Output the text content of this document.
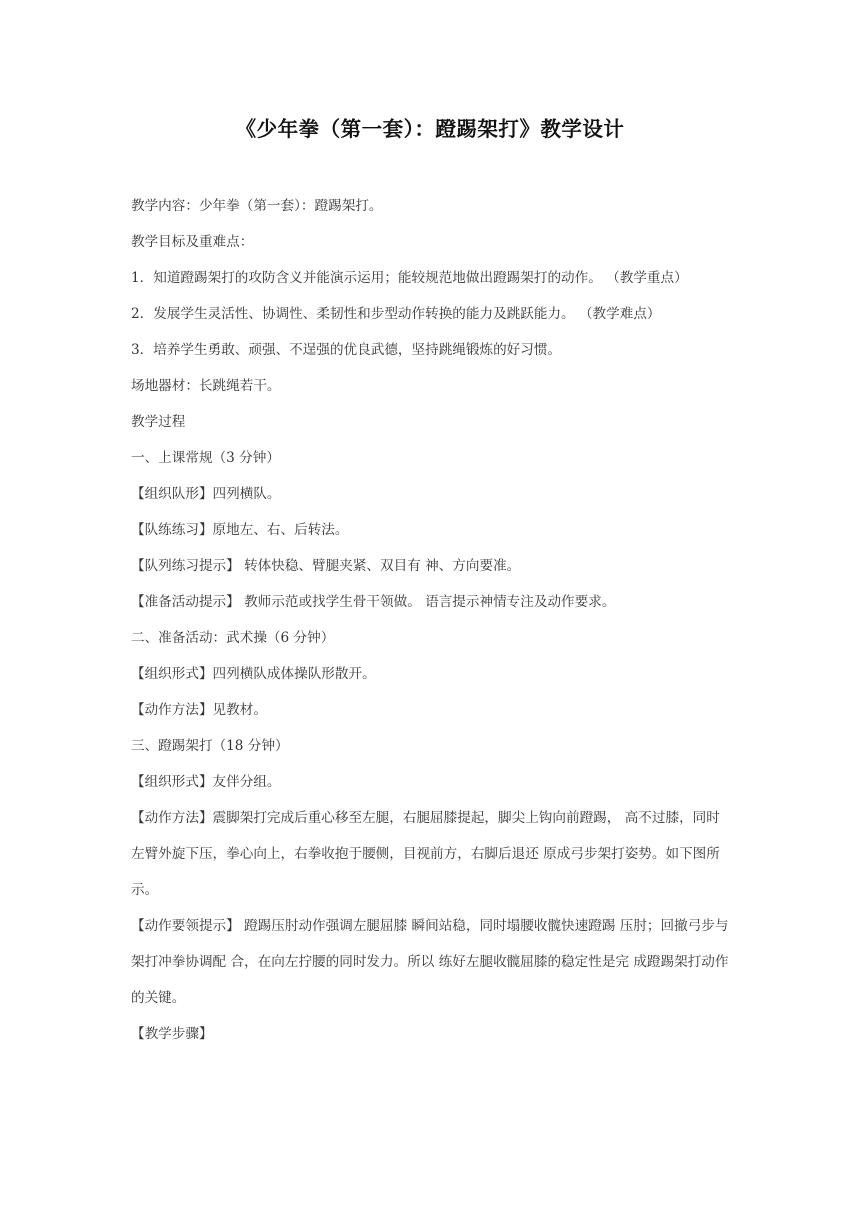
《少年拳（第一套）：蹬踢架打》教学设计

教学内容：少年拳（第一套）：蹬踢架打。

教学目标及重难点：

1．知道蹬踢架打的攻防含义并能演示运用；能较规范地做出蹬踢架打的动作。 （教学重点）

2．发展学生灵活性、协调性、柔韧性和步型动作转换的能力及跳跃能力。 （教学难点）

3．培养学生勇敢、顽强、不逞强的优良武德，坚持跳绳锻炼的好习惯。

场地器材：长跳绳若干。

教学过程

一、上课常规（3 分钟）

【组织队形】四列横队。

【队练练习】原地左、右、后转法。

【队列练习提示】 转体快稳、臂腿夹紧、双目有 神、方向要准。

【准备活动提示】 教师示范或找学生骨干领做。 语言提示神情专注及动作要求。

二、准备活动：武术操（6 分钟）

【组织形式】四列横队成体操队形散开。

【动作方法】见教材。

三、蹬踢架打（18 分钟）

【组织形式】友伴分组。

【动作方法】震脚架打完成后重心移至左腿，右腿屈膝提起，脚尖上钩向前蹬踢， 高不过膝，同时左臂外旋下压，拳心向上，右拳收抱于腰侧，目视前方，右脚后退还 原成弓步架打姿势。如下图所示。

【动作要领提示】 蹬踢压肘动作强调左腿屈膝 瞬间站稳，同时塌腰收髋快速蹬踢 压肘；回撤弓步与架打冲拳协调配 合，在向左拧腰的同时发力。所以 练好左腿收髋屈膝的稳定性是完 成蹬踢架打动作的关键。

【教学步骤】
